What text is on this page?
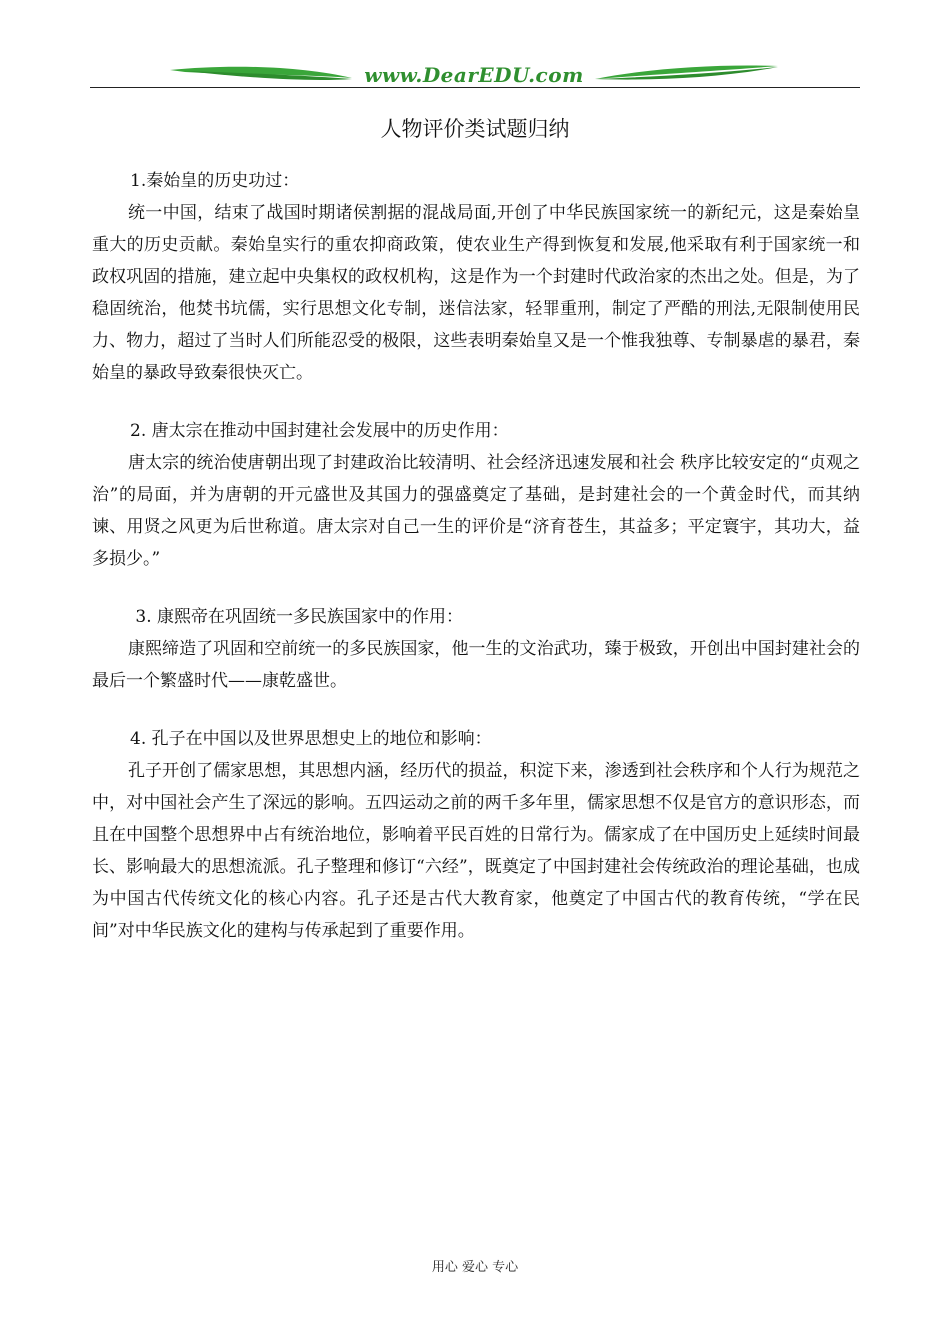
www.DearEDU.com
人物评价类试题归纳

1.秦始皇的历史功过：

统一中国，结束了战国时期诸侯割据的混战局面,开创了中华民族国家统一的新纪元，这是秦始皇重大的历史贡献。秦始皇实行的重农抑商政策，使农业生产得到恢复和发展,他采取有利于国家统一和政权巩固的措施，建立起中央集权的政权机构，这是作为一个封建时代政治家的杰出之处。但是，为了稳固统治，他焚书坑儒，实行思想文化专制，迷信法家，轻罪重刑，制定了严酷的刑法,无限制使用民力、物力，超过了当时人们所能忍受的极限，这些表明秦始皇又是一个惟我独尊、专制暴虐的暴君，秦始皇的暴政导致秦很快灭亡。

2. 唐太宗在推动中国封建社会发展中的历史作用：

唐太宗的统治使唐朝出现了封建政治比较清明、社会经济迅速发展和社会 秩序比较安定的“贞观之治”的局面，并为唐朝的开元盛世及其国力的强盛奠定了基础，是封建社会的一个黄金时代，而其纳谏、用贤之风更为后世称道。唐太宗对自己一生的评价是“济育苍生，其益多；平定寰宇，其功大，益多损少。”

3. 康熙帝在巩固统一多民族国家中的作用：

康熙缔造了巩固和空前统一的多民族国家，他一生的文治武功，臻于极致，开创出中国封建社会的最后一个繁盛时代——康乾盛世。

4. 孔子在中国以及世界思想史上的地位和影响：

孔子开创了儒家思想，其思想内涵，经历代的损益，积淀下来，渗透到社会秩序和个人行为规范之中，对中国社会产生了深远的影响。五四运动之前的两千多年里，儒家思想不仅是官方的意识形态，而且在中国整个思想界中占有统治地位，影响着平民百姓的日常行为。儒家成了在中国历史上延续时间最长、影响最大的思想流派。孔子整理和修订“六经”，既奠定了中国封建社会传统政治的理论基础，也成为中国古代传统文化的核心内容。孔子还是古代大教育家，他奠定了中国古代的教育传统，“学在民间”对中华民族文化的建构与传承起到了重要作用。

用心 爱心 专心
